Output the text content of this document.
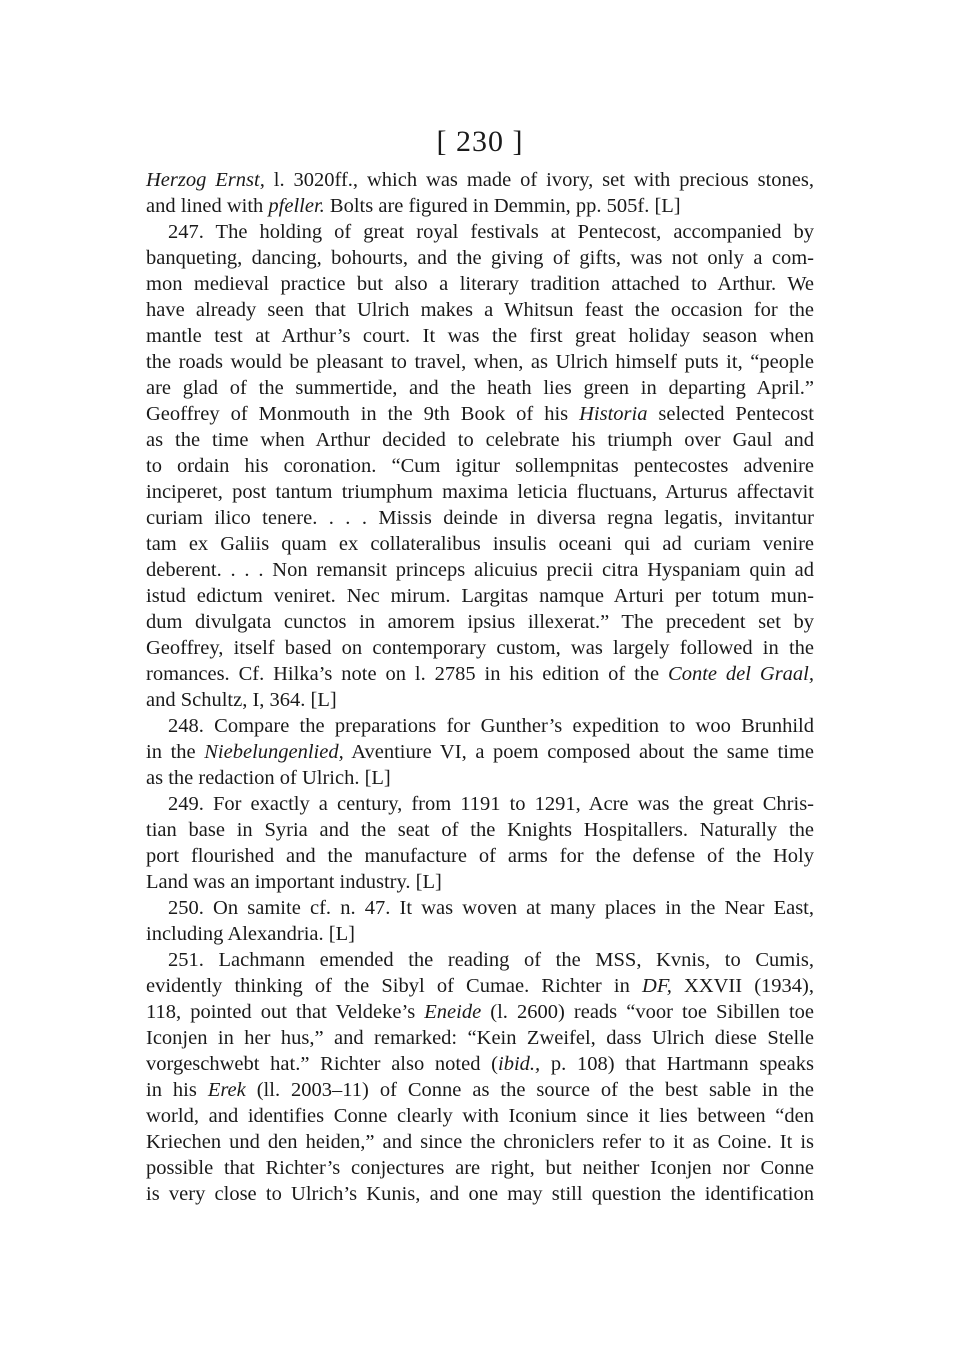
[ 230 ]
Herzog Ernst, l. 3020ff., which was made of ivory, set with precious stones,
and lined with pfeller. Bolts are figured in Demmin, pp. 505f. [L]
247. The holding of great royal festivals at Pentecost, accompanied by
banqueting, dancing, bohourts, and the giving of gifts, was not only a com-
mon medieval practice but also a literary tradition attached to Arthur. We
have already seen that Ulrich makes a Whitsun feast the occasion for the
mantle test at Arthur’s court. It was the first great holiday season when
the roads would be pleasant to travel, when, as Ulrich himself puts it, “people
are glad of the summertide, and the heath lies green in departing April.”
Geoffrey of Monmouth in the 9th Book of his Historia selected Pentecost
as the time when Arthur decided to celebrate his triumph over Gaul and
to ordain his coronation. “Cum igitur sollempnitas pentecostes advenire
inciperet, post tantum triumphum maxima leticia fluctuans, Arturus affectavit
curiam ilico tenere. . . . Missis deinde in diversa regna legatis, invitantur
tam ex Galiis quam ex collateralibus insulis oceani qui ad curiam venire
deberent. . . . Non remansit princeps alicuius precii citra Hyspaniam quin ad
istud edictum veniret. Nec mirum. Largitas namque Arturi per totum mun-
dum divulgata cunctos in amorem ipsius illexerat.” The precedent set by
Geoffrey, itself based on contemporary custom, was largely followed in the
romances. Cf. Hilka’s note on l. 2785 in his edition of the Conte del Graal,
and Schultz, I, 364. [L]
248. Compare the preparations for Gunther’s expedition to woo Brunhild
in the Niebelungenlied, Aventiure VI, a poem composed about the same time
as the redaction of Ulrich. [L]
249. For exactly a century, from 1191 to 1291, Acre was the great Chris-
tian base in Syria and the seat of the Knights Hospitallers. Naturally the
port flourished and the manufacture of arms for the defense of the Holy
Land was an important industry. [L]
250. On samite cf. n. 47. It was woven at many places in the Near East,
including Alexandria. [L]
251. Lachmann emended the reading of the MSS, Kvnis, to Cumis,
evidently thinking of the Sibyl of Cumae. Richter in DF, XXVII (1934),
118, pointed out that Veldeke’s Eneide (l. 2600) reads “voor toe Sibillen toe
Iconjen in her hus,” and remarked: “Kein Zweifel, dass Ulrich diese Stelle
vorgeschwebt hat.” Richter also noted (ibid., p. 108) that Hartmann speaks
in his Erek (ll. 2003–11) of Conne as the source of the best sable in the
world, and identifies Conne clearly with Iconium since it lies between “den
Kriechen und den heiden,” and since the chroniclers refer to it as Coine. It is
possible that Richter’s conjectures are right, but neither Iconjen nor Conne
is very close to Ulrich’s Kunis, and one may still question the identification
